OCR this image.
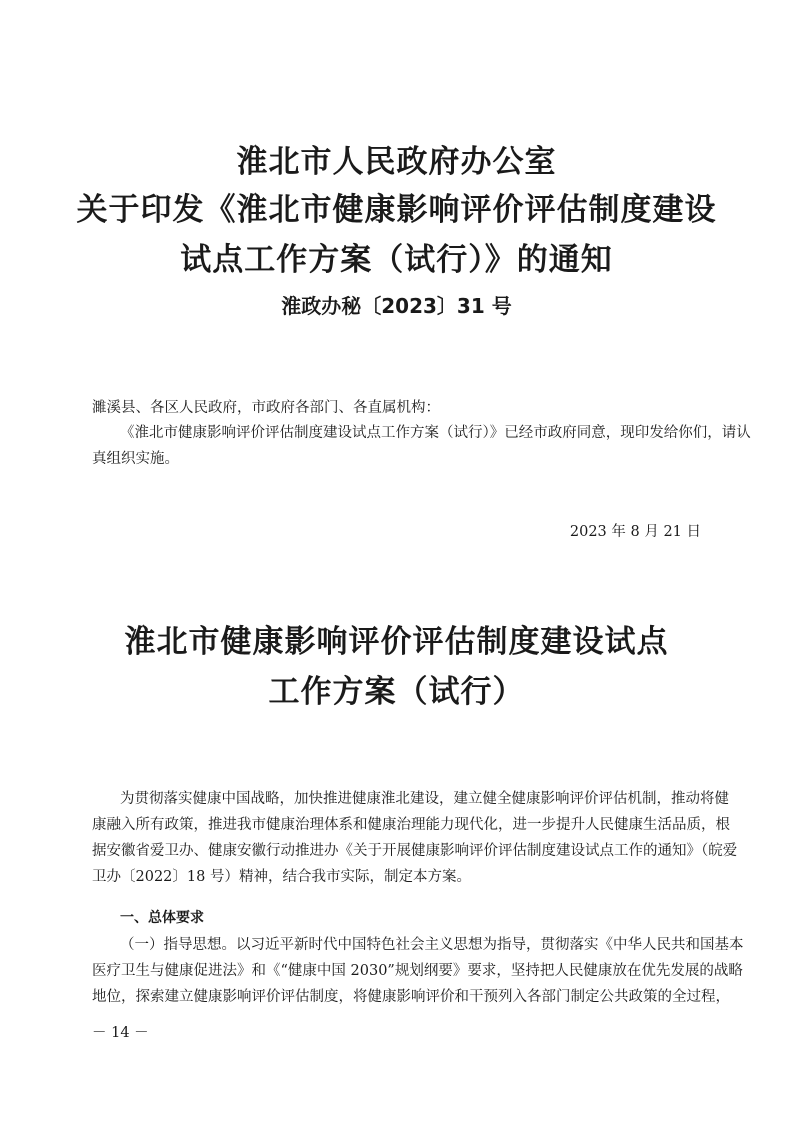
淮北市人民政府办公室
关于印发《淮北市健康影响评价评估制度建设
试点工作方案（试行）》的通知
淮政办秘〔2023〕31 号
濉溪县、各区人民政府，市政府各部门、各直属机构：
《淮北市健康影响评价评估制度建设试点工作方案（试行）》已经市政府同意，现印发给你们，请认
真组织实施。
2023 年 8 月 21 日
淮北市健康影响评价评估制度建设试点
工作方案（试行）
为贯彻落实健康中国战略，加快推进健康淮北建设，建立健全健康影响评价评估机制，推动将健
康融入所有政策，推进我市健康治理体系和健康治理能力现代化，进一步提升人民健康生活品质，根
据安徽省爱卫办、健康安徽行动推进办《关于开展健康影响评价评估制度建设试点工作的通知》（皖爱
卫办〔2022〕18 号）精神，结合我市实际，制定本方案。
一、总体要求
（一）指导思想。以习近平新时代中国特色社会主义思想为指导，贯彻落实《中华人民共和国基本
医疗卫生与健康促进法》和《“健康中国 2030”规划纲要》要求，坚持把人民健康放在优先发展的战略
地位，探索建立健康影响评价评估制度，将健康影响评价和干预列入各部门制定公共政策的全过程，
－ 14 －
